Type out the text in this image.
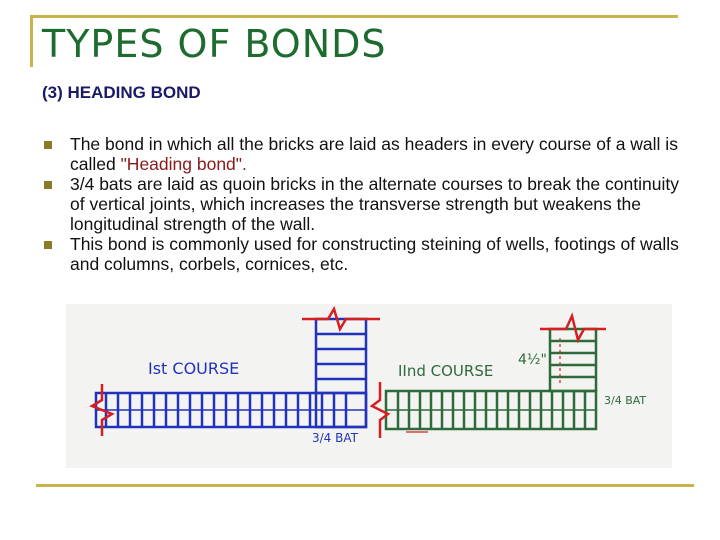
TYPES OF BONDS
(3) HEADING BOND
The bond in which all the bricks are laid as headers in every course of a wall is called "Heading bond".
3/4 bats are laid as quoin bricks in the alternate courses to break the continuity of vertical joints, which increases the transverse strength but weakens the longitudinal strength of the wall.
This bond is commonly used for constructing steining of wells, footings of walls and columns, corbels, cornices, etc.
Ist COURSE
3/4 BAT
IInd COURSE
4½"
3/4 BAT
